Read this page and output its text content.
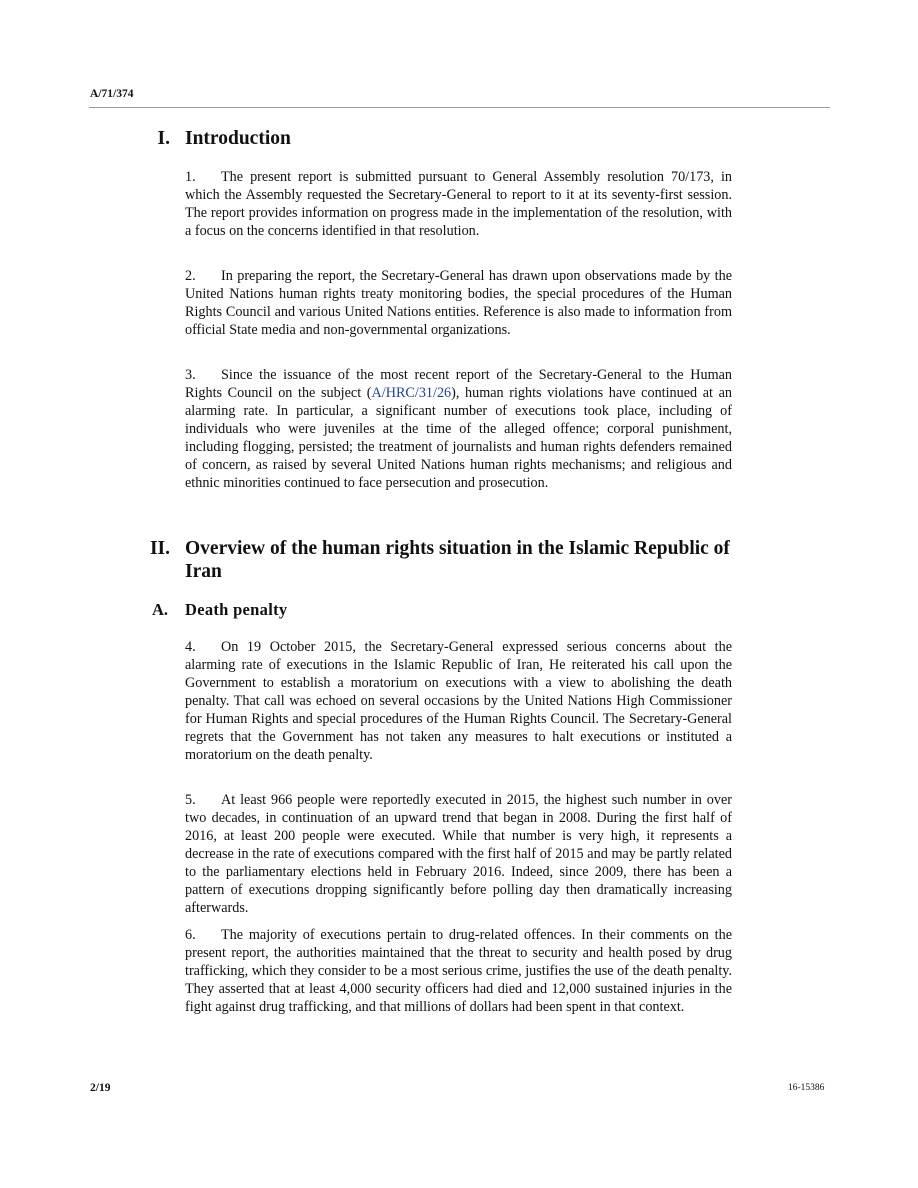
A/71/374
I. Introduction

1. The present report is submitted pursuant to General Assembly resolution 70/173, in which the Assembly requested the Secretary-General to report to it at its seventy-first session. The report provides information on progress made in the implementation of the resolution, with a focus on the concerns identified in that resolution.

2. In preparing the report, the Secretary-General has drawn upon observations made by the United Nations human rights treaty monitoring bodies, the special procedures of the Human Rights Council and various United Nations entities. Reference is also made to information from official State media and non-governmental organizations.

3. Since the issuance of the most recent report of the Secretary-General to the Human Rights Council on the subject (A/HRC/31/26), human rights violations have continued at an alarming rate. In particular, a significant number of executions took place, including of individuals who were juveniles at the time of the alleged offence; corporal punishment, including flogging, persisted; the treatment of journalists and human rights defenders remained of concern, as raised by several United Nations human rights mechanisms; and religious and ethnic minorities continued to face persecution and prosecution.

II. Overview of the human rights situation in the Islamic Republic of Iran
A. Death penalty

4. On 19 October 2015, the Secretary-General expressed serious concerns about the alarming rate of executions in the Islamic Republic of Iran, He reiterated his call upon the Government to establish a moratorium on executions with a view to abolishing the death penalty. That call was echoed on several occasions by the United Nations High Commissioner for Human Rights and special procedures of the Human Rights Council. The Secretary-General regrets that the Government has not taken any measures to halt executions or instituted a moratorium on the death penalty.

5. At least 966 people were reportedly executed in 2015, the highest such number in over two decades, in continuation of an upward trend that began in 2008. During the first half of 2016, at least 200 people were executed. While that number is very high, it represents a decrease in the rate of executions compared with the first half of 2015 and may be partly related to the parliamentary elections held in February 2016. Indeed, since 2009, there has been a pattern of executions dropping significantly before polling day then dramatically increasing afterwards.

6. The majority of executions pertain to drug-related offences. In their comments on the present report, the authorities maintained that the threat to security and health posed by drug trafficking, which they consider to be a most serious crime, justifies the use of the death penalty. They asserted that at least 4,000 security officers had died and 12,000 sustained injuries in the fight against drug trafficking, and that millions of dollars had been spent in that context.

2/19	16-15386
